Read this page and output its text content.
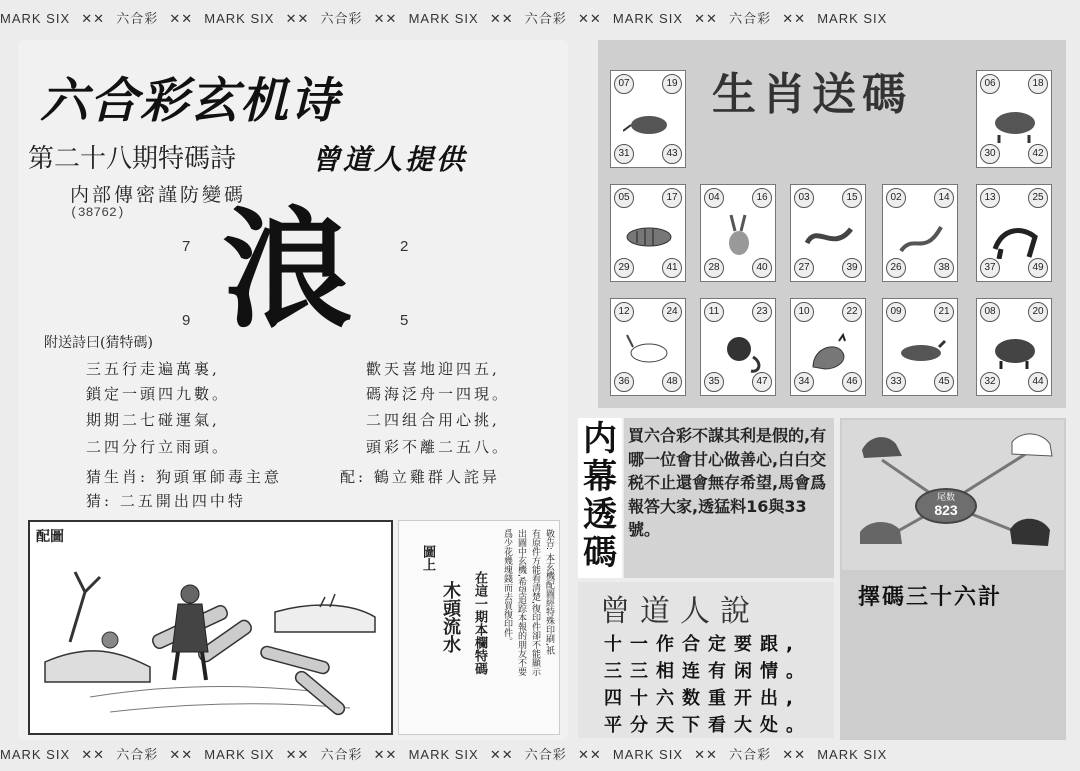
MARK SIX ✕✕ 六合彩 ✕✕ MARK SIX ✕✕ 六合彩 ✕✕ MARK SIX ✕✕ 六合彩 ✕✕ MARK SIX ✕✕ 六合彩 ✕✕ MARK SIX
六合彩玄机诗
第二十八期特碼詩	曾道人提供
内部傳密謹防變碼
(38762)
7	2
9	5
浪
附送詩曰(猜特碼)
三五行走遍萬裏,
鎖定一頭四九數。
期期二七碰運氣,
二四分行立雨頭。
歡天喜地迎四五,
碼海泛舟一四現。
二四组合用心挑,
頭彩不離二五八。
猜生肖: 狗頭軍師毒主意
猜: 二五開出四中特
配: 鶴立雞群人詫异
配圖	敬告: 本玄機配圖經特殊印刷,祇
有原件方能看清楚,復印件卻不能顯示
出圖中玄機,希望追踪本報的朋友不要
爲少花幾塊錢而去買復印件。
在這一期本欄特碼
木頭流水
圖上
生肖送碼
07	19
31	43
06	18
30	42
05	17
29	41
04	16
28	40
03	15
27	39
02	14
26	38
13	25
37	49
12	24
36	48
11	23
35	47
10	22
34	46
09	21
33	45
08	20
32	44
内
幕
透
碼
買六合彩不謀其利是假的,有哪一位會甘心做善心,白白交税不止還會無存希望,馬會爲報答大家,透猛料16與33號。
曾道人說
十一作合定要跟,
三三相连有闲情。
四十六数重开出,
平分天下看大处。
尾数
823
擇碼三十六計
MARK SIX ✕✕ 六合彩 ✕✕ MARK SIX ✕✕ 六合彩 ✕✕ MARK SIX ✕✕ 六合彩 ✕✕ MARK SIX ✕✕ 六合彩 ✕✕ MARK SIX
